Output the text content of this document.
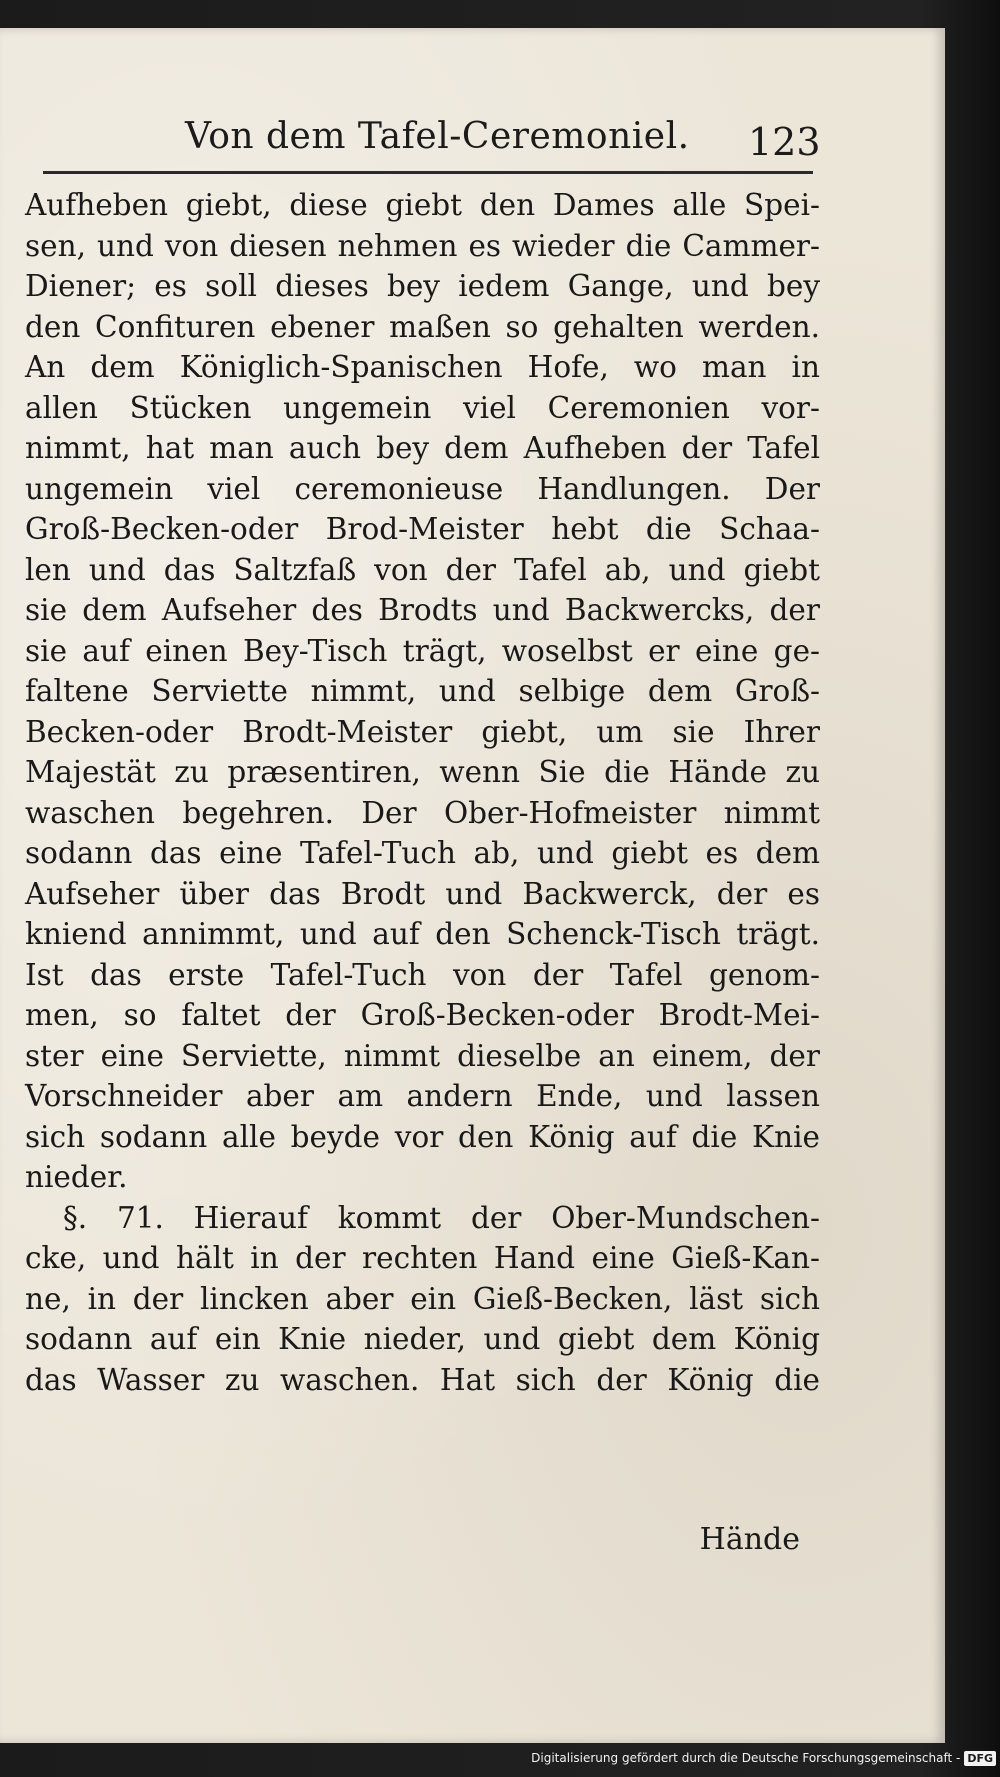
Von dem Tafel-Ceremoniel. 123
Aufheben giebt, diese giebt den Dames alle Spei-
sen, und von diesen nehmen es wieder die Cammer-
Diener; es soll dieses bey iedem Gange, und bey
den Confituren ebener maßen so gehalten werden.
An dem Königlich-Spanischen Hofe, wo man in
allen Stücken ungemein viel Ceremonien vor-
nimmt, hat man auch bey dem Aufheben der Tafel
ungemein viel ceremonieuse Handlungen. Der
Groß-Becken-oder Brod-Meister hebt die Schaa-
len und das Saltzfaß von der Tafel ab, und giebt
sie dem Aufseher des Brodts und Backwercks, der
sie auf einen Bey-Tisch trägt, woselbst er eine ge-
faltene Serviette nimmt, und selbige dem Groß-
Becken-oder Brodt-Meister giebt, um sie Ihrer
Majestät zu præsentiren, wenn Sie die Hände zu
waschen begehren. Der Ober-Hofmeister nimmt
sodann das eine Tafel-Tuch ab, und giebt es dem
Aufseher über das Brodt und Backwerck, der es
kniend annimmt, und auf den Schenck-Tisch trägt.
Ist das erste Tafel-Tuch von der Tafel genom-
men, so faltet der Groß-Becken-oder Brodt-Mei-
ster eine Serviette, nimmt dieselbe an einem, der
Vorschneider aber am andern Ende, und lassen
sich sodann alle beyde vor den König auf die Knie
nieder.
§. 71. Hierauf kommt der Ober-Mundschen-
cke, und hält in der rechten Hand eine Gieß-Kan-
ne, in der lincken aber ein Gieß-Becken, läst sich
sodann auf ein Knie nieder, und giebt dem König
das Wasser zu waschen. Hat sich der König die
Hände
Digitalisierung gefördert durch die Deutsche Forschungsgemeinschaft - DFG
